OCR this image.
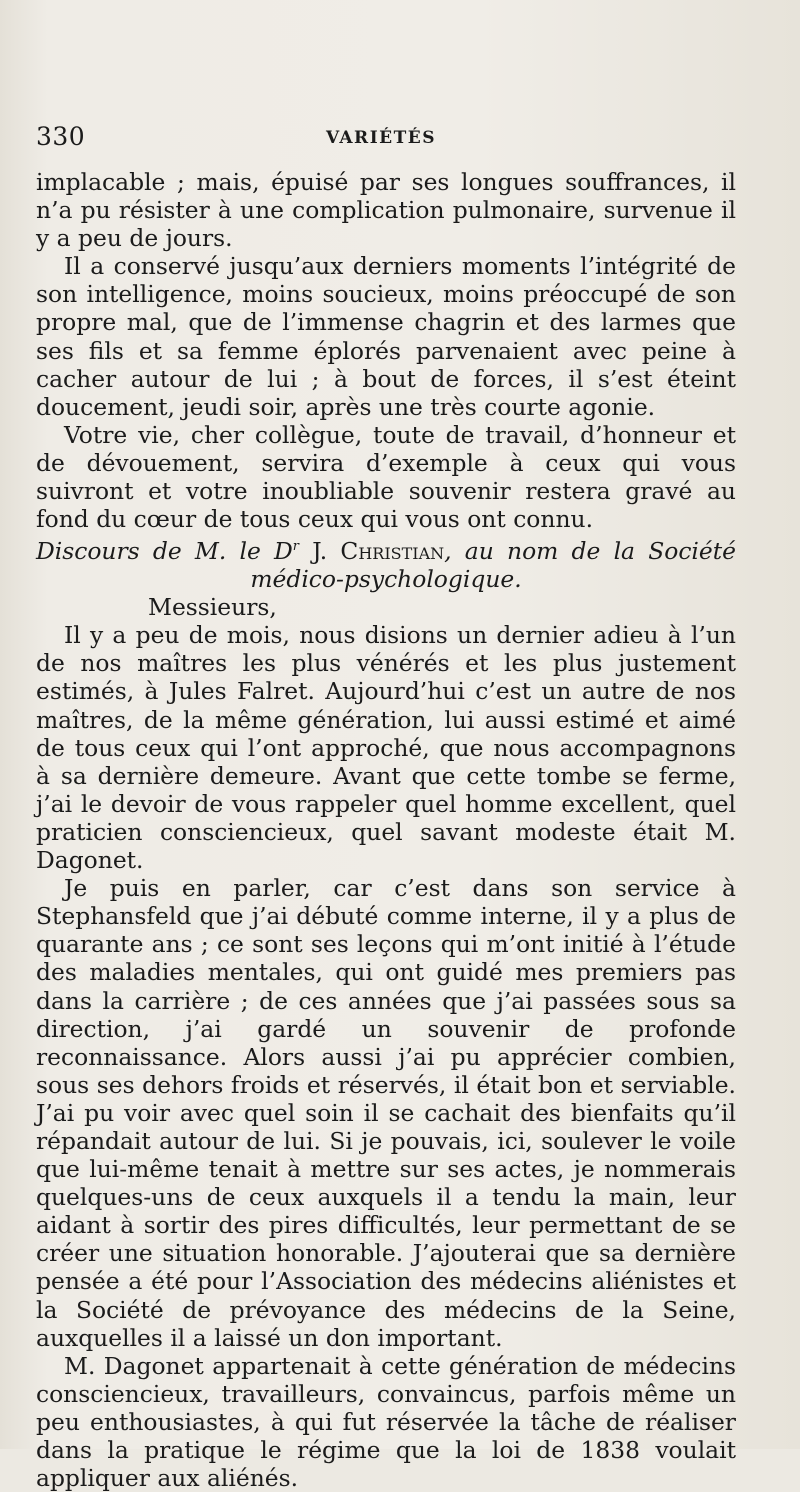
330	VARIÉTÉS

implacable ; mais, épuisé par ses longues souffrances, il n’a pu résister à une complication pulmonaire, survenue il y a peu de jours.

Il a conservé jusqu’aux derniers moments l’intégrité de son intelligence, moins soucieux, moins préoccupé de son propre mal, que de l’immense chagrin et des larmes que ses fils et sa femme éplorés parvenaient avec peine à cacher autour de lui ; à bout de forces, il s’est éteint doucement, jeudi soir, après une très courte agonie.

Votre vie, cher collègue, toute de travail, d’honneur et de dévouement, servira d’exemple à ceux qui vous suivront et votre inoubliable souvenir restera gravé au fond du cœur de tous ceux qui vous ont connu.

Discours de M. le $D^r$ J. Christian, au nom de la Société
médico-psychologique.

Messieurs,

Il y a peu de mois, nous disions un dernier adieu à l’un de nos maîtres les plus vénérés et les plus justement estimés, à Jules Falret. Aujourd’hui c’est un autre de nos maîtres, de la même génération, lui aussi estimé et aimé de tous ceux qui l’ont approché, que nous accompagnons à sa dernière demeure. Avant que cette tombe se ferme, j’ai le devoir de vous rappeler quel homme excellent, quel praticien consciencieux, quel savant modeste était M. Dagonet.

Je puis en parler, car c’est dans son service à Stephansfeld que j’ai débuté comme interne, il y a plus de quarante ans ; ce sont ses leçons qui m’ont initié à l’étude des maladies mentales, qui ont guidé mes premiers pas dans la carrière ; de ces années que j’ai passées sous sa direction, j’ai gardé un souvenir de profonde reconnaissance. Alors aussi j’ai pu apprécier combien, sous ses dehors froids et réservés, il était bon et serviable. J’ai pu voir avec quel soin il se cachait des bienfaits qu’il répandait autour de lui. Si je pouvais, ici, soulever le voile que lui-même tenait à mettre sur ses actes, je nommerais quelques-uns de ceux auxquels il a tendu la main, leur aidant à sortir des pires difficultés, leur permettant de se créer une situation honorable. J’ajouterai que sa dernière pensée a été pour l’Association des médecins aliénistes et la Société de prévoyance des médecins de la Seine, auxquelles il a laissé un don important.

M. Dagonet appartenait à cette génération de médecins consciencieux, travailleurs, convaincus, parfois même un peu enthousiastes, à qui fut réservée la tâche de réaliser dans la pratique le régime que la loi de 1838 voulait appliquer aux aliénés.
